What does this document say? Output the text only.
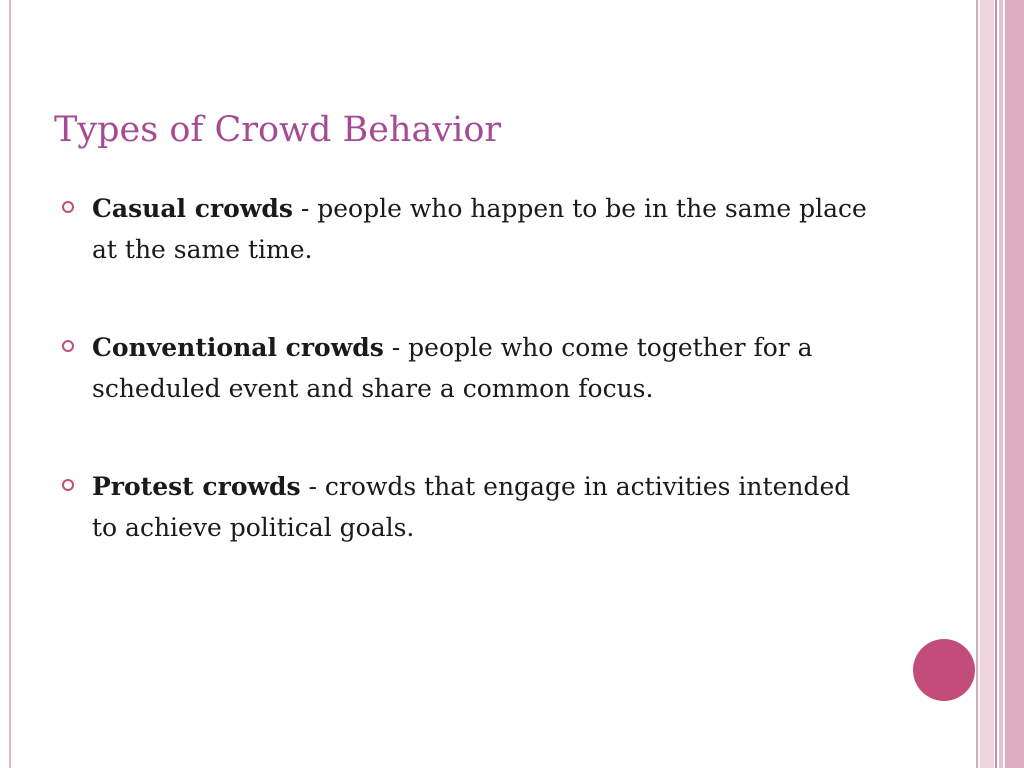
Types of Crowd Behavior
Casual crowds - people who happen to be in the same place at the same time.
Conventional crowds - people who come together for a scheduled event and share a common focus.
Protest crowds - crowds that engage in activities intended to achieve political goals.
